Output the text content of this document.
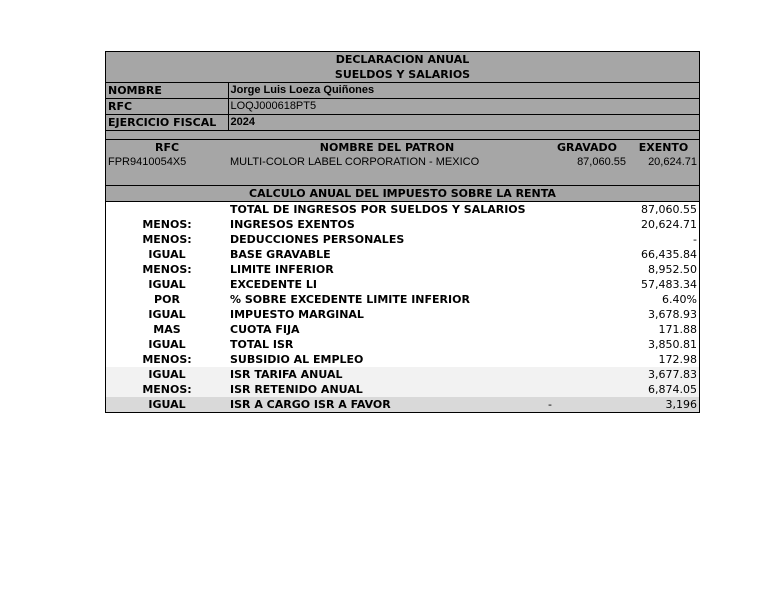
DECLARACION ANUAL			
SUELDOS Y SALARIOS			
NOMBRE	Jorge Luis Loeza Quiñones		
RFC	LOQJ000618PT5		
EJERCICIO FISCAL	2024		

RFC	NOMBRE DEL PATRON	GRAVADO	EXENTO
FPR9410054X5	MULTI-COLOR LABEL CORPORATION - MEXICO	87,060.55	20,624.71

CALCULO ANUAL DEL IMPUESTO SOBRE LA RENTA			
	TOTAL DE INGRESOS POR SUELDOS Y SALARIOS		87,060.55
MENOS:	INGRESOS EXENTOS		20,624.71
MENOS:	DEDUCCIONES PERSONALES		-
IGUAL	BASE GRAVABLE		66,435.84
MENOS:	LIMITE INFERIOR		8,952.50
IGUAL	EXCEDENTE LI		57,483.34
POR	% SOBRE EXCEDENTE LIMITE INFERIOR		6.40%
IGUAL	IMPUESTO MARGINAL		3,678.93
MAS	CUOTA FIJA		171.88
IGUAL	TOTAL ISR		3,850.81
MENOS:	SUBSIDIO AL EMPLEO		172.98
IGUAL	ISR TARIFA ANUAL		3,677.83
MENOS:	ISR RETENIDO ANUAL		6,874.05
IGUAL	ISR A CARGO ISR A FAVOR	-	3,196
